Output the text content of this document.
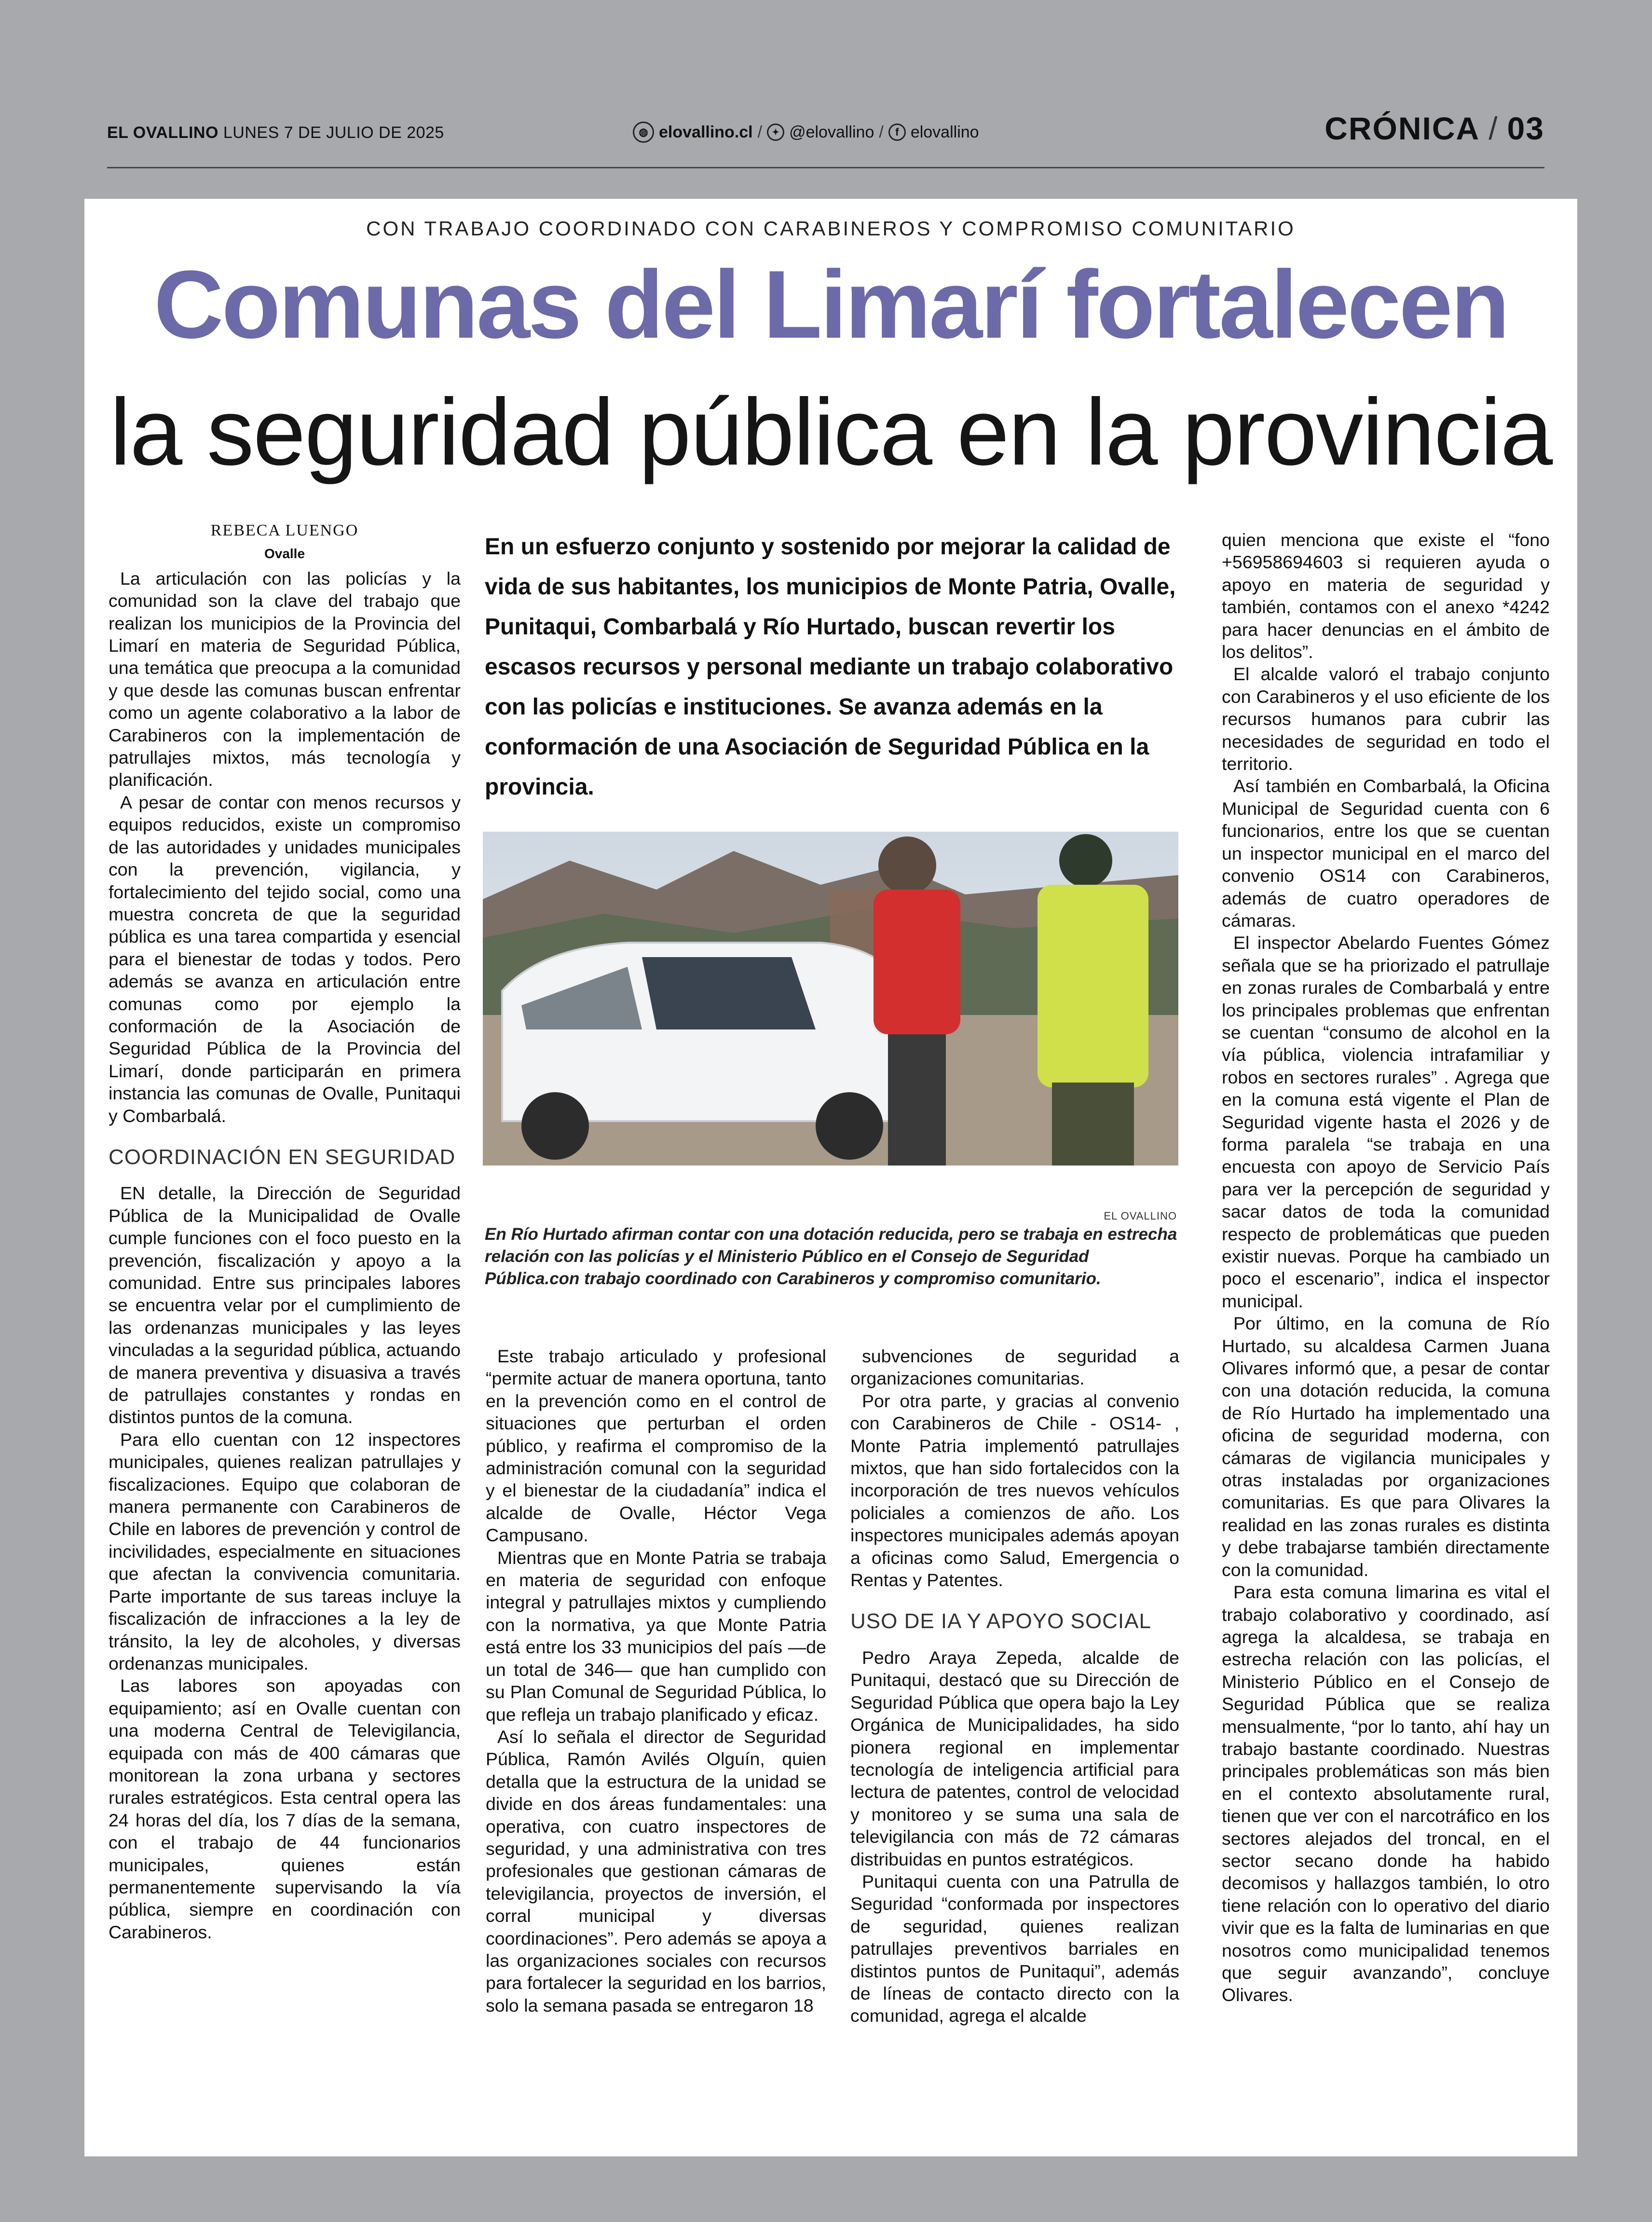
EL OVALLINO LUNES 7 DE JULIO DE 2025	◍ elovallino.cl /	✦ @elovallino /	f elovallino	CRÓNICA / 03
CON TRABAJO COORDINADO CON CARABINEROS Y COMPROMISO COMUNITARIO
Comunas del Limarí fortalecen
la seguridad pública en la provincia
REBECA LUENGO
Ovalle

La articulación con las policías y la comunidad son la clave del trabajo que realizan los municipios de la Provincia del Limarí en materia de Seguridad Pública, una temática que preocupa a la comunidad y que desde las comunas buscan enfrentar como un agente colaborativo a la labor de Carabineros con la implementación de patrullajes mixtos, más tecnología y planificación.

A pesar de contar con menos recursos y equipos reducidos, existe un compromiso de las autoridades y unidades municipales con la prevención, vigilancia, y fortalecimiento del tejido social, como una muestra concreta de que la seguridad pública es una tarea compartida y esencial para el bienestar de todas y todos. Pero además se avanza en articulación entre comunas como por ejemplo la conformación de la Asociación de Seguridad Pública de la Provincia del Limarí, donde participarán en primera instancia las comunas de Ovalle, Punitaqui y Combarbalá.

COORDINACIÓN EN SEGURIDAD

EN detalle, la Dirección de Seguridad Pública de la Municipalidad de Ovalle cumple funciones con el foco puesto en la prevención, fiscalización y apoyo a la comunidad. Entre sus principales labores se encuentra velar por el cumplimiento de las ordenanzas municipales y las leyes vinculadas a la seguridad pública, actuando de manera preventiva y disuasiva a través de patrullajes constantes y rondas en distintos puntos de la comuna.

Para ello cuentan con 12 inspectores municipales, quienes realizan patrullajes y fiscalizaciones. Equipo que colaboran de manera permanente con Carabineros de Chile en labores de prevención y control de incivilidades, especialmente en situaciones que afectan la convivencia comunitaria. Parte importante de sus tareas incluye la fiscalización de infracciones a la ley de tránsito, la ley de alcoholes, y diversas ordenanzas municipales.

Las labores son apoyadas con equipamiento; así en Ovalle cuentan con una moderna Central de Televigilancia, equipada con más de 400 cámaras que monitorean la zona urbana y sectores rurales estratégicos. Esta central opera las 24 horas del día, los 7 días de la semana, con el trabajo de 44 funcionarios municipales, quienes están permanentemente supervisando la vía pública, siempre en coordinación con Carabineros.

En un esfuerzo conjunto y sostenido por mejorar la calidad de vida de sus habitantes, los municipios de Monte Patria, Ovalle, Punitaqui, Combarbalá y Río Hurtado, buscan revertir los escasos recursos y personal mediante un trabajo colaborativo con las policías e instituciones. Se avanza además en la conformación de una Asociación de Seguridad Pública en la provincia.
EL OVALLINO
En Río Hurtado afirman contar con una dotación reducida, pero se trabaja en estrecha relación con las policías y el Ministerio Público en el Consejo de Seguridad Pública.con trabajo coordinado con Carabineros y compromiso comunitario.

Este trabajo articulado y profesional “permite actuar de manera oportuna, tanto en la prevención como en el control de situaciones que perturban el orden público, y reafirma el compromiso de la administración comunal con la seguridad y el bienestar de la ciudadanía” indica el alcalde de Ovalle, Héctor Vega Campusano.

Mientras que en Monte Patria se trabaja en materia de seguridad con enfoque integral y patrullajes mixtos y cumpliendo con la normativa, ya que Monte Patria está entre los 33 municipios del país —de un total de 346— que han cumplido con su Plan Comunal de Seguridad Pública, lo que refleja un trabajo planificado y eficaz.

Así lo señala el director de Seguridad Pública, Ramón Avilés Olguín, quien detalla que la estructura de la unidad se divide en dos áreas fundamentales: una operativa, con cuatro inspectores de seguridad, y una administrativa con tres profesionales que gestionan cámaras de televigilancia, proyectos de inversión, el corral municipal y diversas coordinaciones”. Pero además se apoya a las organizaciones sociales con recursos para fortalecer la seguridad en los barrios, solo la semana pasada se entregaron 18

subvenciones de seguridad a organizaciones comunitarias.

Por otra parte, y gracias al convenio con Carabineros de Chile - OS14- , Monte Patria implementó patrullajes mixtos, que han sido fortalecidos con la incorporación de tres nuevos vehículos policiales a comienzos de año. Los inspectores municipales además apoyan a oficinas como Salud, Emergencia o Rentas y Patentes.

USO DE IA Y APOYO SOCIAL

Pedro Araya Zepeda, alcalde de Punitaqui, destacó que su Dirección de Seguridad Pública que opera bajo la Ley Orgánica de Municipalidades, ha sido pionera regional en implementar tecnología de inteligencia artificial para lectura de patentes, control de velocidad y monitoreo y se suma una sala de televigilancia con más de 72 cámaras distribuidas en puntos estratégicos.

Punitaqui cuenta con una Patrulla de Seguridad “conformada por inspectores de seguridad, quienes realizan patrullajes preventivos barriales en distintos puntos de Punitaqui”, además de líneas de contacto directo con la comunidad, agrega el alcalde

quien menciona que existe el “fono +56958694603 si requieren ayuda o apoyo en materia de seguridad y también, contamos con el anexo *4242 para hacer denuncias en el ámbito de los delitos”.

El alcalde valoró el trabajo conjunto con Carabineros y el uso eficiente de los recursos humanos para cubrir las necesidades de seguridad en todo el territorio.

Así también en Combarbalá, la Oficina Municipal de Seguridad cuenta con 6 funcionarios, entre los que se cuentan un inspector municipal en el marco del convenio OS14 con Carabineros, además de cuatro operadores de cámaras.

El inspector Abelardo Fuentes Gómez señala que se ha priorizado el patrullaje en zonas rurales de Combarbalá y entre los principales problemas que enfrentan se cuentan “consumo de alcohol en la vía pública, violencia intrafamiliar y robos en sectores rurales” . Agrega que en la comuna está vigente el Plan de Seguridad vigente hasta el 2026 y de forma paralela “se trabaja en una encuesta con apoyo de Servicio País para ver la percepción de seguridad y sacar datos de toda la comunidad respecto de problemáticas que pueden existir nuevas. Porque ha cambiado un poco el escenario”, indica el inspector municipal.

Por último, en la comuna de Río Hurtado, su alcaldesa Carmen Juana Olivares informó que, a pesar de contar con una dotación reducida, la comuna de Río Hurtado ha implementado una oficina de seguridad moderna, con cámaras de vigilancia municipales y otras instaladas por organizaciones comunitarias. Es que para Olivares la realidad en las zonas rurales es distinta y debe trabajarse también directamente con la comunidad.

Para esta comuna limarina es vital el trabajo colaborativo y coordinado, así agrega la alcaldesa, se trabaja en estrecha relación con las policías, el Ministerio Público en el Consejo de Seguridad Pública que se realiza mensualmente, “por lo tanto, ahí hay un trabajo bastante coordinado. Nuestras principales problemáticas son más bien en el contexto absolutamente rural, tienen que ver con el narcotráfico en los sectores alejados del troncal, en el sector secano donde ha habido decomisos y hallazgos también, lo otro tiene relación con lo operativo del diario vivir que es la falta de luminarias en que nosotros como municipalidad tenemos que seguir avanzando”, concluye Olivares.
